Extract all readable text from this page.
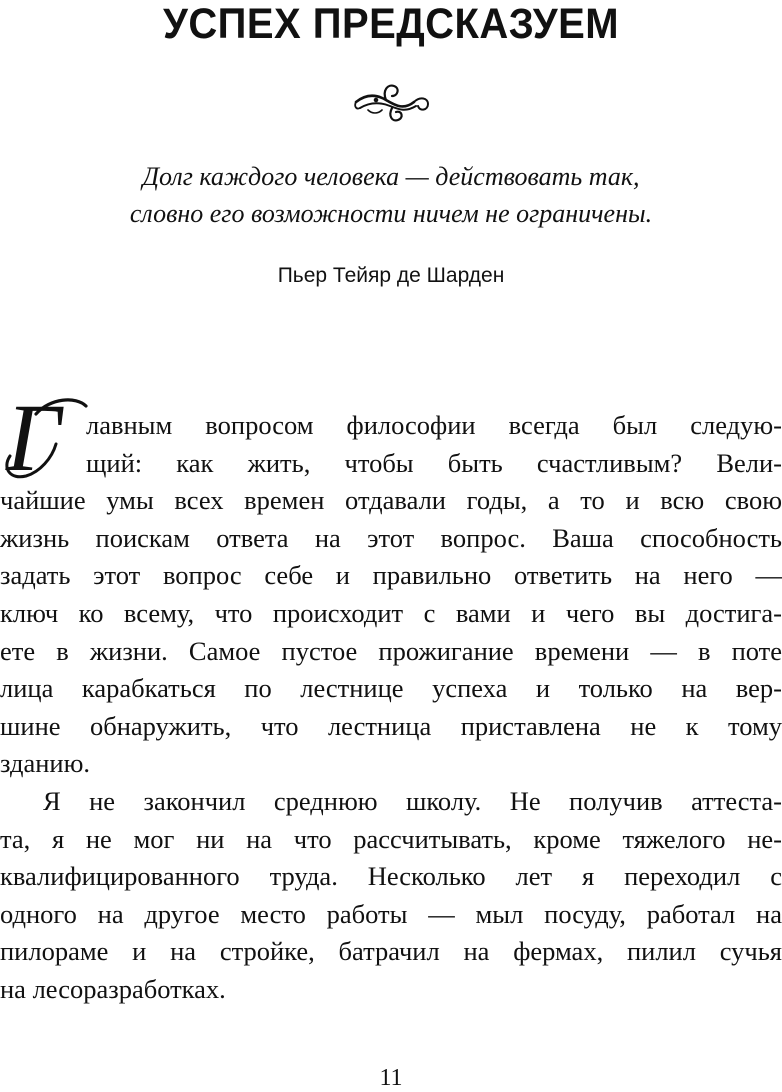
УСПЕХ ПРЕДСКАЗУЕМ
Долг каждого человека — действовать так,
словно его возможности ничем не ограничены.
Пьер Тейяр де Шарден
Г лавным вопросом философии всегда был следую-
щий: как жить, чтобы быть счастливым? Вели-
чайшие умы всех времен отдавали годы, а то и всю свою
жизнь поискам ответа на этот вопрос. Ваша способность
задать этот вопрос себе и правильно ответить на него —
ключ ко всему, что происходит с вами и чего вы достига-
ете в жизни. Самое пустое прожигание времени — в поте
лица карабкаться по лестнице успеха и только на вер-
шине обнаружить, что лестница приставлена не к тому
зданию.
Я не закончил среднюю школу. Не получив аттеста-
та, я не мог ни на что рассчитывать, кроме тяжелого не-
квалифицированного труда. Несколько лет я переходил с
одного на другое место работы — мыл посуду, работал на
пилораме и на стройке, батрачил на фермах, пилил сучья
на лесоразработках.
11
